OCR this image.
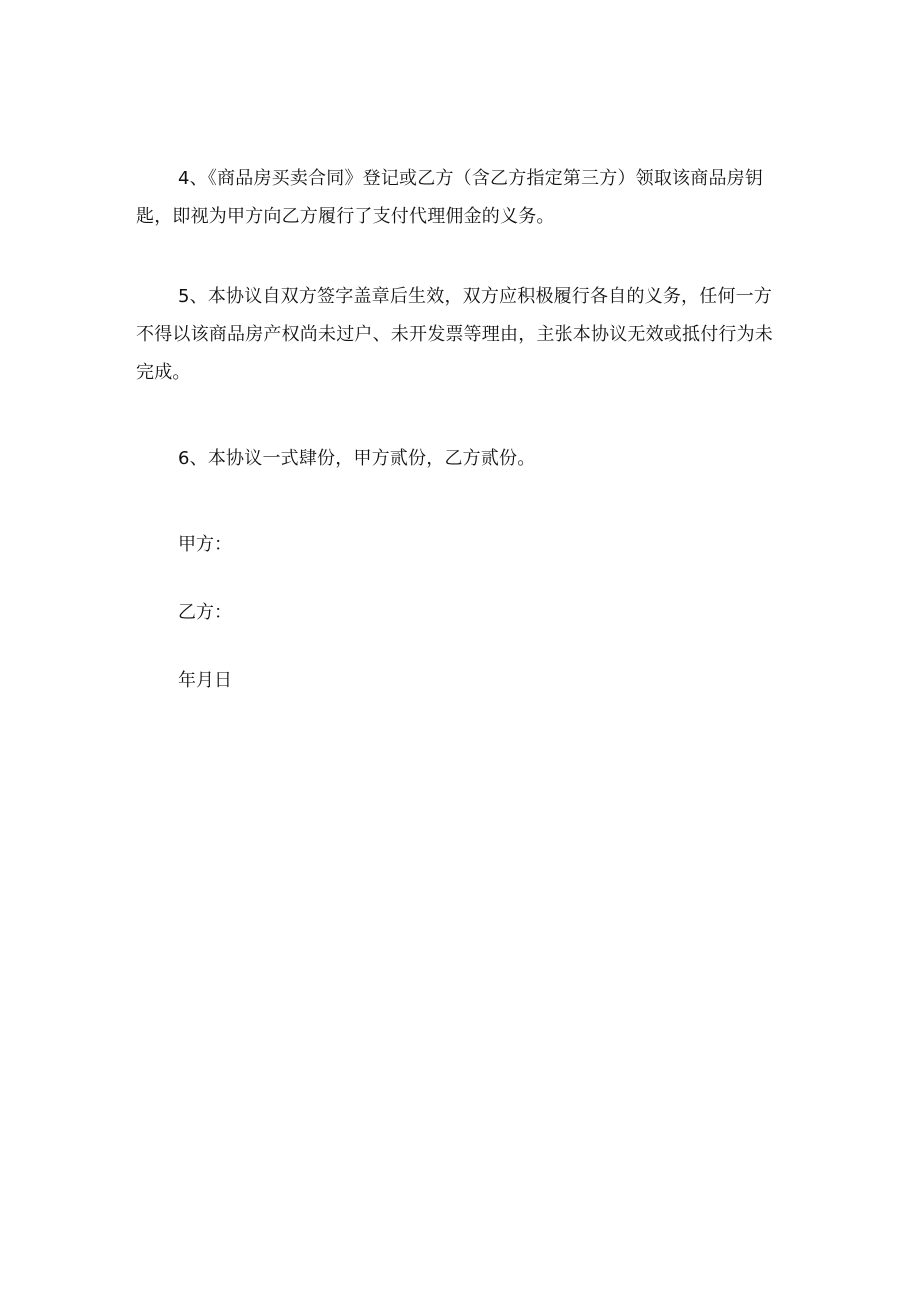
4、《商品房买卖合同》登记或乙方（含乙方指定第三方）领取该商品房钥匙，即视为甲方向乙方履行了支付代理佣金的义务。

5、本协议自双方签字盖章后生效，双方应积极履行各自的义务，任何一方不得以该商品房产权尚未过户、未开发票等理由，主张本协议无效或抵付行为未完成。

6、本协议一式肆份，甲方贰份，乙方贰份。

甲方：

乙方：

年月日
